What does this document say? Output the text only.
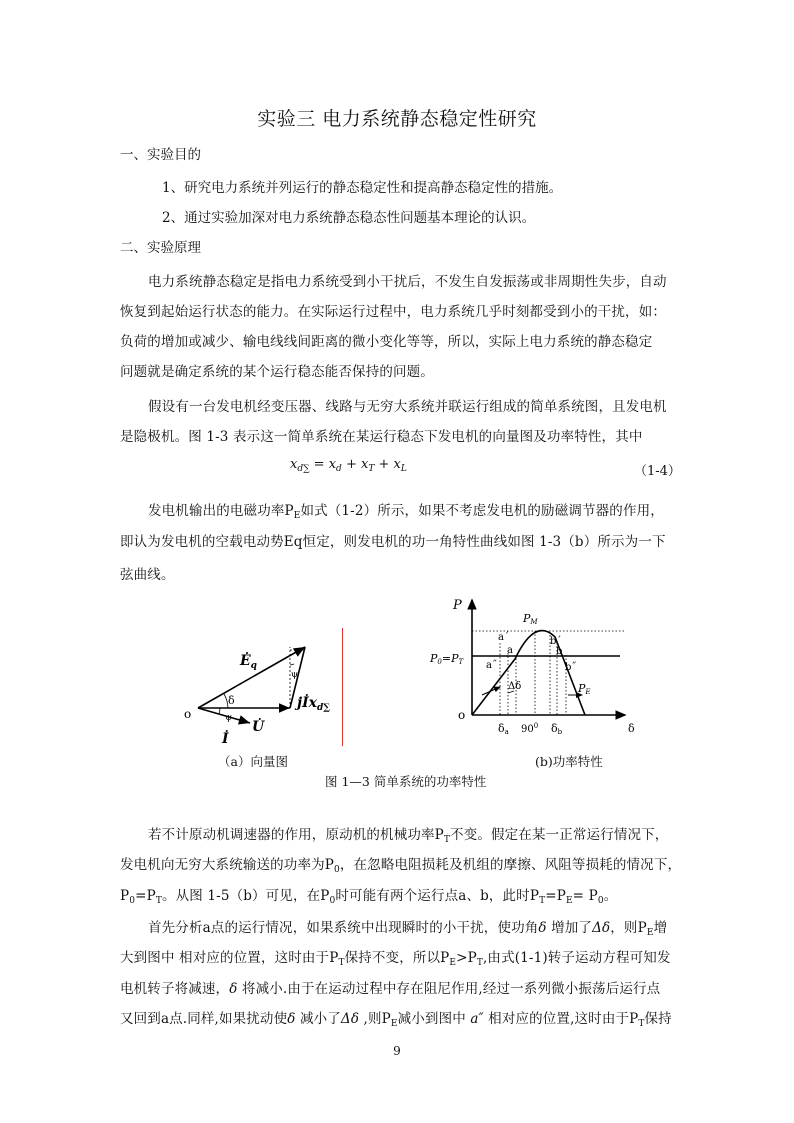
实验三 电力系统静态稳定性研究
一、实验目的
1、研究电力系统并列运行的静态稳定性和提高静态稳定性的措施。
2、通过实验加深对电力系统静态稳态性问题基本理论的认识。
二、实验原理
电力系统静态稳定是指电力系统受到小干扰后，不发生自发振荡或非周期性失步，自动
恢复到起始运行状态的能力。在实际运行过程中，电力系统几乎时刻都受到小的干扰，如：
负荷的增加或减少、输电线线间距离的微小变化等等，所以，实际上电力系统的静态稳定
问题就是确定系统的某个运行稳态能否保持的问题。
假设有一台发电机经变压器、线路与无穷大系统并联运行组成的简单系统图，且发电机
是隐极机。图 1-3 表示这一简单系统在某运行稳态下发电机的向量图及功率特性，其中
$x_{d\sum} = x_d + x_T + x_L$	（1-4）
发电机输出的电磁功率$P_E$如式（1-2）所示，如果不考虑发电机的励磁调节器的作用，
即认为发电机的空载电动势Eq恒定，则发电机的功一角特性曲线如图 1-3（b）所示为一下
弦曲线。
$Ė_q$
o
δ
ψ
ψ
U̇
İ
jİx$_{d\sum}$
P
PM
P0=PT
a´
a
a˝
b´
b
b˝
Δδ	PE
o
δa $90^0$ δb	δ
（a）向量图	(b)功率特性
图 1—3 简单系统的功率特性
若不计原动机调速器的作用，原动机的机械功率$P_T$不变。假定在某一正常运行情况下，
发电机向无穷大系统输送的功率为$P_0$，在忽略电阻损耗及机组的摩擦、风阻等损耗的情况下，
$P_0=P_T$。从图 1-5（b）可见，在$P_0$时可能有两个运行点a、b，此时$P_T=P_E= P_0$。
首先分析a点的运行情况，如果系统中出现瞬时的小干扰，使功角δ 增加了Δδ，则$P_E$增
大到图中 相对应的位置，这时由于$P_T$保持不变，所以$P_E>P_T$,由式(1-1)转子运动方程可知发
电机转子将减速，δ 将减小.由于在运动过程中存在阻尼作用,经过一系列微小振荡后运行点
又回到a点.同样,如果扰动使δ 减小了Δδ ,则$P_E$减小到图中 a″ 相对应的位置,这时由于$P_T$保持
9
